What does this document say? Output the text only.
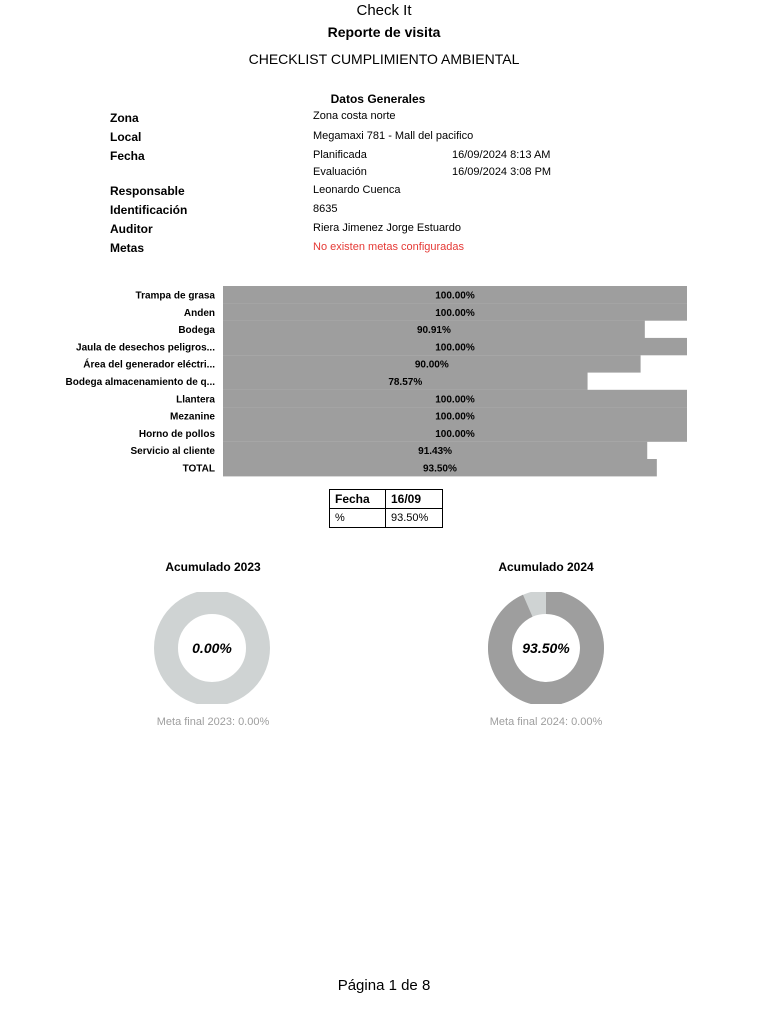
Check It
Reporte de visita
CHECKLIST CUMPLIMIENTO AMBIENTAL
Datos Generales
Zona	Zona costa norte
Local	Megamaxi 781 - Mall del pacifico
Fecha	Planificada	16/09/2024 8:13 AM
Evaluación	16/09/2024 3:08 PM
Responsable	Leonardo Cuenca
Identificación	8635
Auditor	Riera Jimenez Jorge Estuardo
Metas	No existen metas configuradas
Trampa de grasa	100.00%
Anden	100.00%
Bodega	90.91%
Jaula de desechos peligros...	100.00%
Área del generador eléctri...	90.00%
Bodega almacenamiento de q...	78.57%
Llantera	100.00%
Mezanine	100.00%
Horno de pollos	100.00%
Servicio al cliente	91.43%
TOTAL	93.50%
Fecha	16/09
%	93.50%
Acumulado 2023
0.00%
Meta final 2023: 0.00%
Acumulado 2024
93.50%
Meta final 2024: 0.00%
Página 1 de 8
